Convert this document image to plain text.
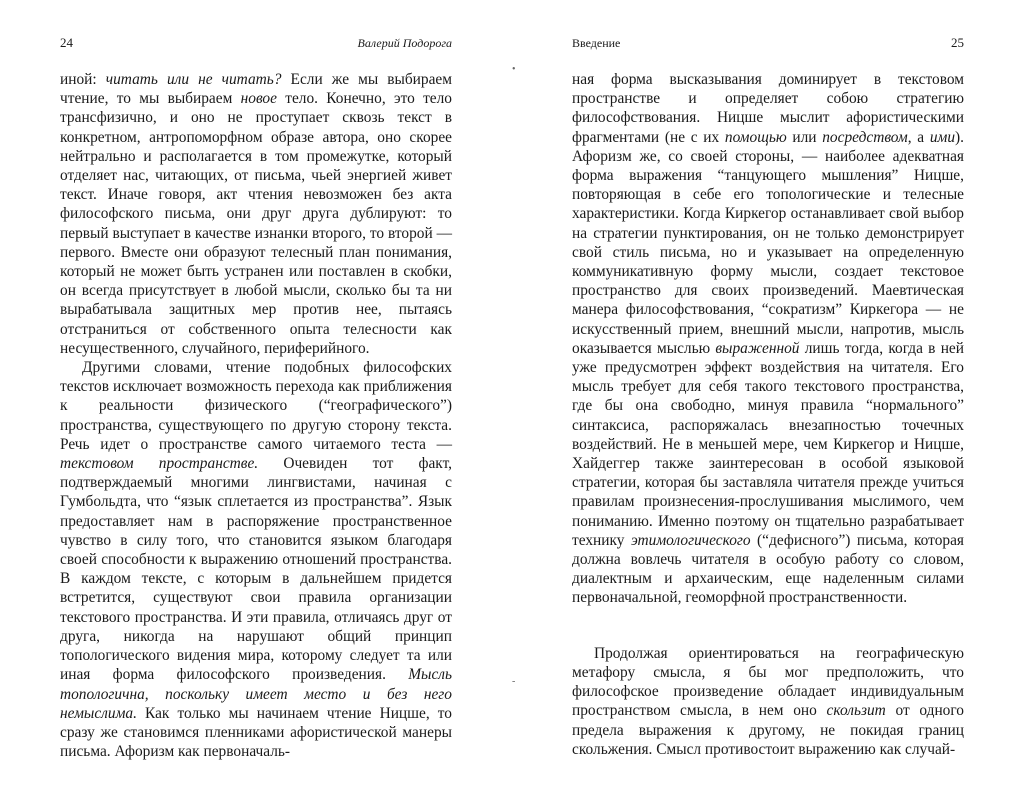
24	Валерий Подорога

иной: читать или не читать? Если же мы выбираем чтение, то мы выбираем новое тело. Конечно, это тело трансфизично, и оно не проступает сквозь текст в конкретном, антропоморфном образе автора, оно скорее нейтрально и располагается в том промежутке, который отделяет нас, читающих, от письма, чьей энергией живет текст. Иначе говоря, акт чтения невозможен без акта философского письма, они друг друга дублируют: то первый выступает в качестве изнанки второго, то второй — первого. Вместе они образуют телесный план понимания, который не может быть устранен или поставлен в скобки, он всегда присутствует в любой мысли, сколько бы та ни вырабатывала защитных мер против нее, пытаясь отстраниться от собственного опыта телесности как несущественного, случайного, периферийного.

Другими словами, чтение подобных философских текстов исключает возможность перехода как приближения к реальности физического (“географического”) пространства, существующего по другую сторону текста. Речь идет о пространстве самого читаемого теста — текстовом пространстве. Очевиден тот факт, подтверждаемый многими лингвистами, начиная с Гумбольдта, что “язык сплетается из пространства”. Язык предоставляет нам в распоряжение пространственное чувство в силу того, что становится языком благодаря своей способности к выражению отношений пространства. В каждом тексте, с которым в дальнейшем придется встретится, существуют свои правила организации текстового пространства. И эти правила, отличаясь друг от друга, никогда на нарушают общий принцип топологического видения мира, которому следует та или иная форма философского произведения. Мысль топологична, поскольку имеет место и без него немыслима. Как только мы начинаем чтение Ницше, то сразу же становимся пленниками афористической манеры письма. Афоризм как первоначаль-

•
-
Введение	25

ная форма высказывания доминирует в текстовом пространстве и определяет собою стратегию философствования. Ницше мыслит афористическими фрагментами (не с их помощью или посредством, а ими). Афоризм же, со своей стороны, — наиболее адекватная форма выражения “танцующего мышления” Ницше, повторяющая в себе его топологические и телесные характеристики. Когда Киркегор останавливает свой выбор на стратегии пунктирования, он не только демонстрирует свой стиль письма, но и указывает на определенную коммуникативную форму мысли, создает текстовое пространство для своих произведений. Маевтическая манера философствования, “сократизм” Киркегора — не искусственный прием, внешний мысли, напротив, мысль оказывается мыслью выраженной лишь тогда, когда в ней уже предусмотрен эффект воздействия на читателя. Его мысль требует для себя такого текстового пространства, где бы она свободно, минуя правила “нормального” синтаксиса, распоряжалась внезапностью точечных воздействий. Не в меньшей мере, чем Киркегор и Ницше, Хайдеггер также заинтересован в особой языковой стратегии, которая бы заставляла читателя прежде учиться правилам произнесения-прослушивания мыслимого, чем пониманию. Именно поэтому он тщательно разрабатывает технику этимологического (“дефисного”) письма, которая должна вовлечь читателя в особую работу со словом, диалектным и архаическим, еще наделенным силами первоначальной, геоморфной пространственности.

Продолжая ориентироваться на географическую метафору смысла, я бы мог предположить, что философское произведение обладает индивидуальным пространством смысла, в нем оно скользит от одного предела выражения к другому, не покидая границ скольжения. Смысл противостоит выражению как случай-
